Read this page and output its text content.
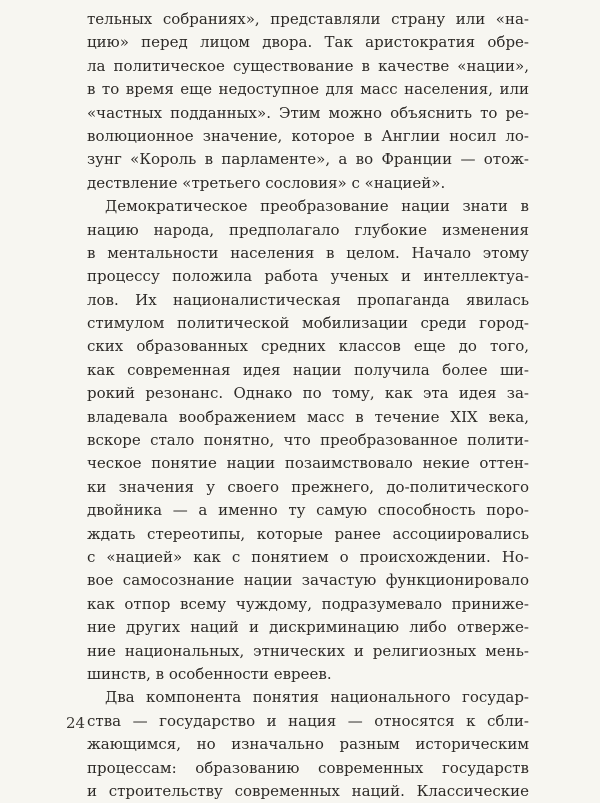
тельных собраниях», представляли страну или «на-
цию» перед лицом двора. Так аристократия обре-
ла политическое существование в качестве «нации»,
в то время еще недоступное для масс населения, или
«частных подданных». Этим можно объяснить то ре-
волюционное значение, которое в Англии носил ло-
зунг «Король в парламенте», а во Франции — отож-
дествление «третьего сословия» с «нацией».
Демократическое преобразование нации знати в
нацию народа, предполагало глубокие изменения
в ментальности населения в целом. Начало этому
процессу положила работа ученых и интеллектуа-
лов. Их националистическая пропаганда явилась
стимулом политической мобилизации среди город-
ских образованных средних классов еще до того,
как современная идея нации получила более ши-
рокий резонанс. Однако по тому, как эта идея за-
владевала воображением масс в течение XIX века,
вскоре стало понятно, что преобразованное полити-
ческое понятие нации позаимствовало некие оттен-
ки значения у своего прежнего, до-политического
двойника — а именно ту самую способность поро-
ждать стереотипы, которые ранее ассоциировались
с «нацией» как с понятием о происхождении. Но-
вое самосознание нации зачастую функционировало
как отпор всему чуждому, подразумевало принижe-
ние других наций и дискриминацию либо отвержe-
ние национальных, этнических и религиозных мень-
шинств, в особенности евреев.
Два компонента понятия национального государ-
ства — государство и нация — относятся к сбли-
жающимся, но изначально разным историческим
процессам: образованию современных государств
и строительству современных наций. Классические
24
